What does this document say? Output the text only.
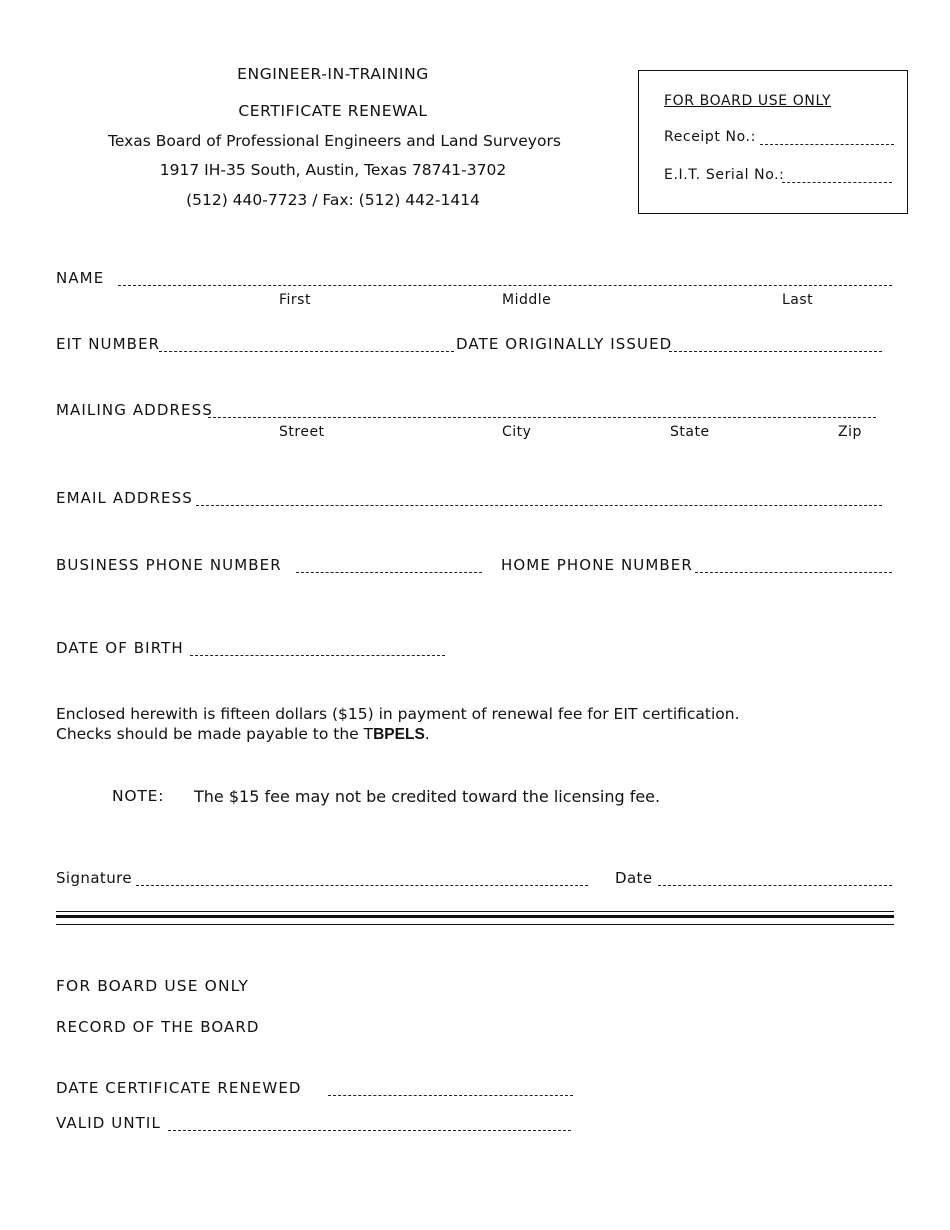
ENGINEER-IN-TRAINING
CERTIFICATE RENEWAL
Texas Board of Professional Engineers and Land Surveyors
1917 IH-35 South, Austin, Texas 78741-3702
(512) 440-7723 / Fax: (512) 442-1414
FOR BOARD USE ONLY
Receipt No.:
E.I.T. Serial No.:
NAME
First	Middle	Last
EIT NUMBER	DATE ORIGINALLY ISSUED
MAILING ADDRESS
Street	City	State	Zip
EMAIL ADDRESS
BUSINESS PHONE NUMBER	HOME PHONE NUMBER
DATE OF BIRTH
Enclosed herewith is fifteen dollars ($15) in payment of renewal fee for EIT certification.
Checks should be made payable to the TBPELS.
NOTE: The $15 fee may not be credited toward the licensing fee.
Signature	Date
FOR BOARD USE ONLY
RECORD OF THE BOARD
DATE CERTIFICATE RENEWED
VALID UNTIL
